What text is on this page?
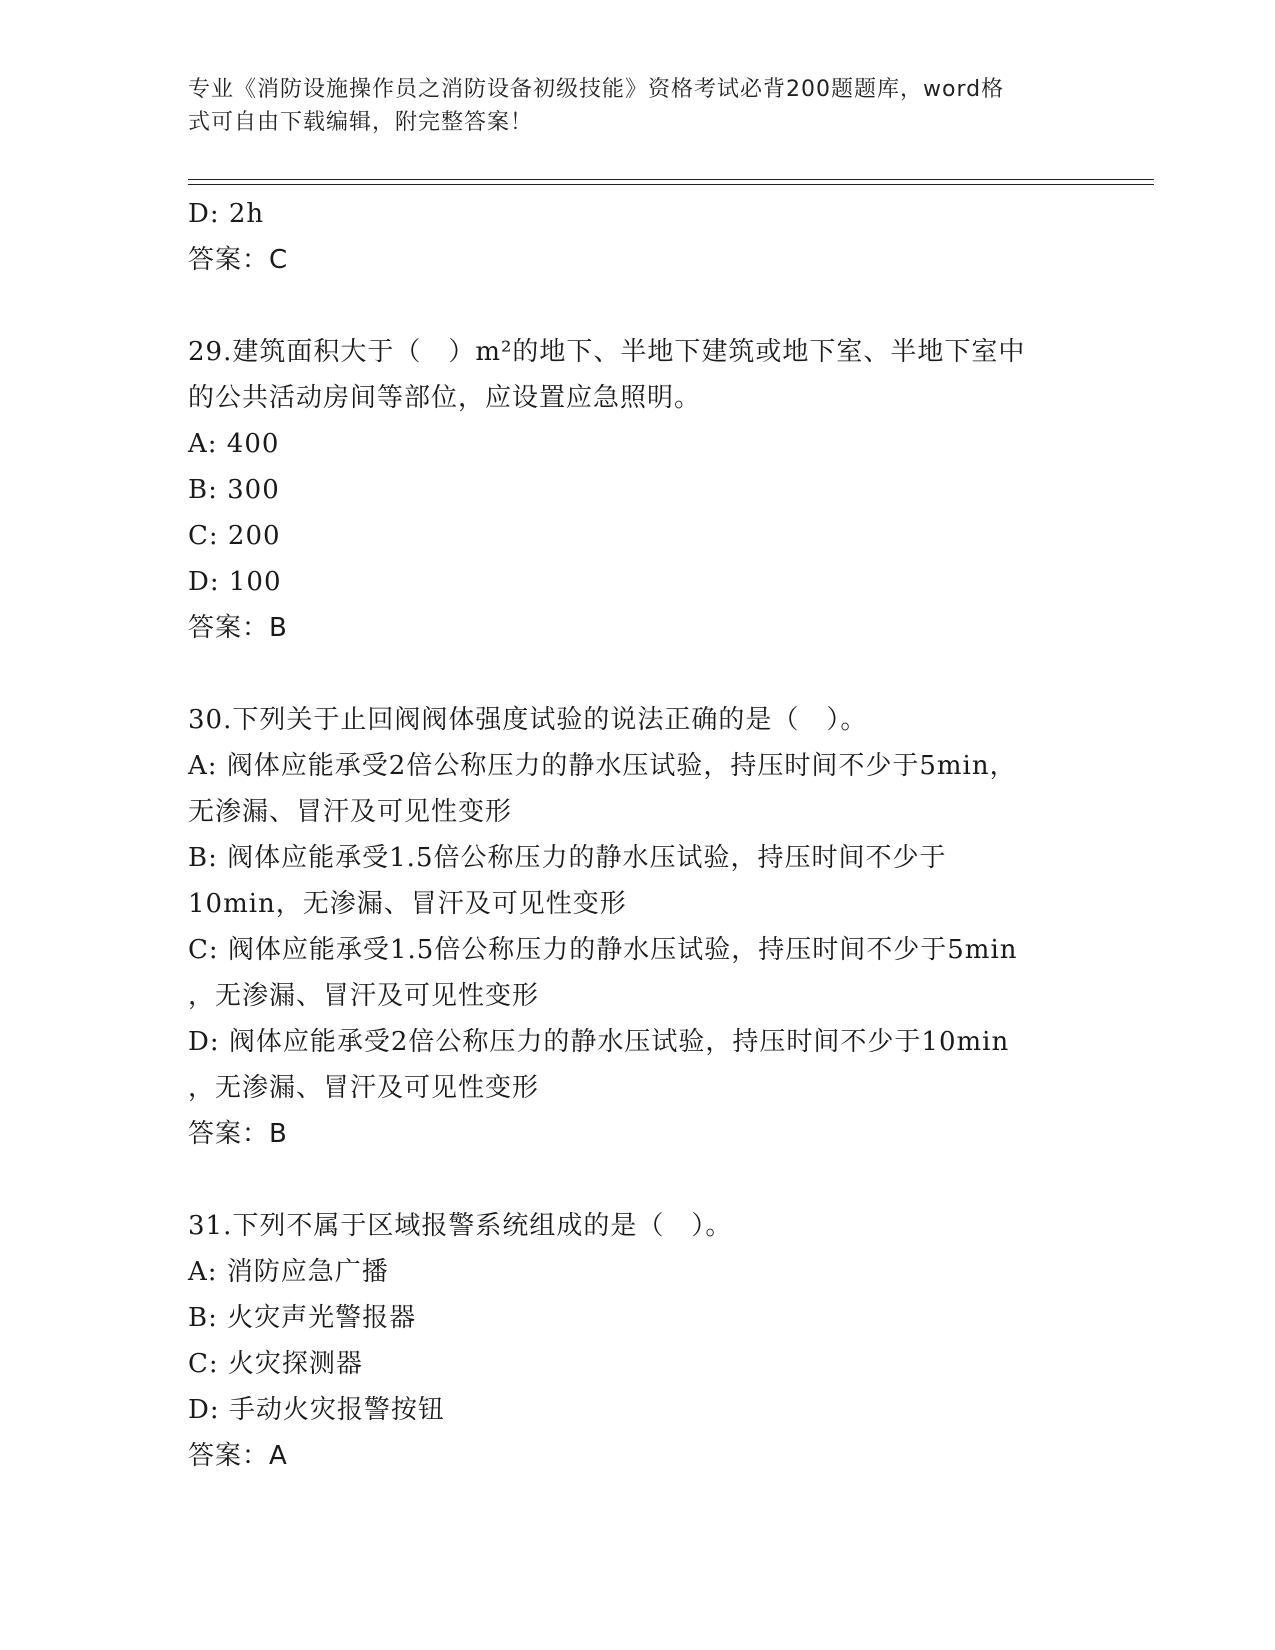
专业《消防设施操作员之消防设备初级技能》资格考试必背200题题库，word格
式可自由下载编辑，附完整答案！
D: 2h
答案：C
29.建筑面积大于（　）m²的地下、半地下建筑或地下室、半地下室中
的公共活动房间等部位，应设置应急照明。
A: 400
B: 300
C: 200
D: 100
答案：B
30.下列关于止回阀阀体强度试验的说法正确的是（　）。
A: 阀体应能承受2倍公称压力的静水压试验，持压时间不少于5min，
无渗漏、冒汗及可见性变形
B: 阀体应能承受1.5倍公称压力的静水压试验，持压时间不少于
10min，无渗漏、冒汗及可见性变形
C: 阀体应能承受1.5倍公称压力的静水压试验，持压时间不少于5min
，无渗漏、冒汗及可见性变形
D: 阀体应能承受2倍公称压力的静水压试验，持压时间不少于10min
，无渗漏、冒汗及可见性变形
答案：B
31.下列不属于区域报警系统组成的是（　）。
A: 消防应急广播
B: 火灾声光警报器
C: 火灾探测器
D: 手动火灾报警按钮
答案：A
